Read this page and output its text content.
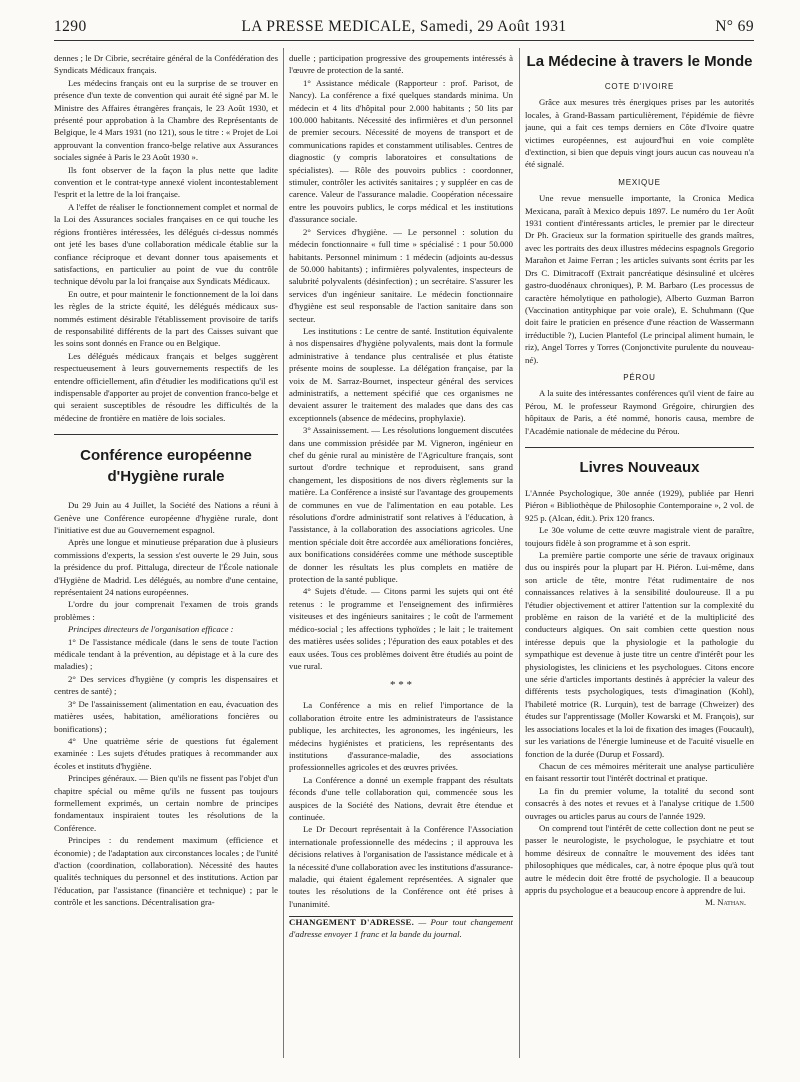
1290	LA PRESSE MEDICALE, Samedi, 29 Août 1931	N° 69

dennes ; le Dr Cibrie, secrétaire général de la Confédération des Syndicats Médicaux français.

Les médecins français ont eu la surprise de se trouver en présence d'un texte de convention qui aurait été signé par M. le Ministre des Affaires étrangères français, le 23 Août 1930, et présenté pour approbation à la Chambre des Représentants de Belgique, le 4 Mars 1931 (no 121), sous le titre : « Projet de Loi approuvant la convention franco-belge relative aux Assurances sociales signée à Paris le 23 Août 1930 ».

Ils font observer de la façon la plus nette que ladite convention et le contrat-type annexé violent incontestablement l'esprit et la lettre de la loi française.

A l'effet de réaliser le fonctionnement complet et normal de la Loi des Assurances sociales françaises en ce qui touche les régions frontières intéressées, les délégués ci-dessus nommés ont jeté les bases d'une collaboration médicale établie sur la confiance réciproque et devant donner tous apaisements et satisfactions, en particulier au point de vue du contrôle technique dévolu par la loi française aux Syndicats Médicaux.

En outre, et pour maintenir le fonctionnement de la loi dans les règles de la stricte équité, les délégués médicaux sus-nommés estiment désirable l'établissement provisoire de tarifs de responsabilité différents de la part des Caisses suivant que les soins sont donnés en France ou en Belgique.

Les délégués médicaux français et belges suggèrent respectueusement à leurs gouvernements respectifs de les entendre officiellement, afin d'étudier les modifications qu'il est indispensable d'apporter au projet de convention franco-belge et qui seraient susceptibles de résoudre les difficultés de la médecine de frontière en matière de lois sociales.

Conférence européenne d'Hygiène rurale

Du 29 Juin au 4 Juillet, la Société des Nations a réuni à Genève une Conférence européenne d'hygiène rurale, dont l'initiative est due au Gouvernement espagnol.

Après une longue et minutieuse préparation due à plusieurs commissions d'experts, la session s'est ouverte le 29 Juin, sous la présidence du prof. Pittaluga, directeur de l'École nationale d'Hygiène de Madrid. Les délégués, au nombre d'une centaine, représentaient 24 nations européennes.

L'ordre du jour comprenait l'examen de trois grands problèmes :

Principes directeurs de l'organisation efficace :

1° De l'assistance médicale (dans le sens de toute l'action médicale tendant à la prévention, au dépistage et à la cure des maladies) ;

2° Des services d'hygiène (y compris les dispensaires et centres de santé) ;

3° De l'assainissement (alimentation en eau, évacuation des matières usées, habitation, améliorations foncières ou bonifications) ;

4° Une quatrième série de questions fut également examinée : Les sujets d'études pratiques à recommander aux écoles et instituts d'hygiène.

Principes généraux. — Bien qu'ils ne fissent pas l'objet d'un chapitre spécial ou même qu'ils ne fussent pas toujours formellement exprimés, un certain nombre de principes fondamentaux inspiraient toutes les résolutions de la Conférence.

Principes : du rendement maximum (efficience et économie) ; de l'adaptation aux circonstances locales ; de l'unité d'action (coordination, collaboration). Nécessité des hautes qualités techniques du personnel et des institutions. Action par l'éducation, par l'assistance (financière et technique) ; par le contrôle et les sanctions. Décentralisation gra-

duelle ; participation progressive des groupements intéressés à l'œuvre de protection de la santé.

1° Assistance médicale (Rapporteur : prof. Parisot, de Nancy). La conférence a fixé quelques standards minima. Un médecin et 4 lits d'hôpital pour 2.000 habitants ; 50 lits par 100.000 habitants. Nécessité des infirmières et d'un personnel de premier secours. Nécessité de moyens de transport et de communications rapides et constamment utilisables. Centres de diagnostic (y compris laboratoires et consultations de spécialistes). — Rôle des pouvoirs publics : coordonner, stimuler, contrôler les activités sanitaires ; y suppléer en cas de carence. Valeur de l'assurance maladie. Coopération nécessaire entre les pouvoirs publics, le corps médical et les institutions d'assurance sociale.

2° Services d'hygiène. — Le personnel : solution du médecin fonctionnaire « full time » spécialisé : 1 pour 50.000 habitants. Personnel minimum : 1 médecin (adjoints au-dessus de 50.000 habitants) ; infirmières polyvalentes, inspecteurs de salubrité polyvalents (désinfection) ; un secrétaire. S'assurer les services d'un ingénieur sanitaire. Le médecin fonctionnaire d'hygiène est seul responsable de l'action sanitaire dans son secteur.

Les institutions : Le centre de santé. Institution équivalente à nos dispensaires d'hygiène polyvalents, mais dont la formule administrative à tendance plus centralisée et plus étatiste présente moins de souplesse. La délégation française, par la voix de M. Sarraz-Bournet, inspecteur général des services administratifs, a nettement spécifié que ces organismes ne devaient assurer le traitement des malades que dans des cas exceptionnels (absence de médecins, prophylaxie).

3° Assainissement. — Les résolutions longuement discutées dans une commission présidée par M. Vigneron, ingénieur en chef du génie rural au ministère de l'Agriculture français, sont surtout d'ordre technique et reproduisent, sans grand changement, les dispositions de nos divers règlements sur la matière. La Conférence a insisté sur l'avantage des groupements de communes en vue de l'alimentation en eau potable. Les résolutions d'ordre administratif sont relatives à l'éducation, à l'assistance, à la collaboration des associations agricoles. Une mention spéciale doit être accordée aux améliorations foncières, aux bonifications considérées comme une méthode susceptible de donner les résultats les plus complets en matière de protection de la santé publique.

4° Sujets d'étude. — Citons parmi les sujets qui ont été retenus : le programme et l'enseignement des infirmières visiteuses et des ingénieurs sanitaires ; le coût de l'armement médico-social ; les affections typhoïdes ; le lait ; le traitement des matières usées solides ; l'épuration des eaux potables et des eaux usées. Tous ces problèmes doivent être étudiés au point de vue rural.

* * *

La Conférence a mis en relief l'importance de la collaboration étroite entre les administrateurs de l'assistance publique, les architectes, les agronomes, les ingénieurs, les médecins hygiénistes et praticiens, les représentants des institutions d'assurance-maladie, des associations professionnelles agricoles et des œuvres privées.

La Conférence a donné un exemple frappant des résultats féconds d'une telle collaboration qui, commencée sous les auspices de la Société des Nations, devrait être étendue et continuée.

Le Dr Decourt représentait à la Conférence l'Association internationale professionnelle des médecins ; il approuva les décisions relatives à l'organisation de l'assistance médicale et à la nécessité d'une collaboration avec les institutions d'assurance-maladie, qui étaient également représentées. A signaler que toutes les résolutions de la Conférence ont été prises à l'unanimité.

CHANGEMENT D'ADRESSE. — Pour tout changement d'adresse envoyer 1 franc et la bande du journal.
La Médecine à travers le Monde
COTE D'IVOIRE

Grâce aux mesures très énergiques prises par les autorités locales, à Grand-Bassam particulièrement, l'épidémie de fièvre jaune, qui a fait ces temps derniers en Côte d'Ivoire quatre victimes européennes, est aujourd'hui en voie complète d'extinction, si bien que depuis vingt jours aucun cas nouveau n'a été signalé.

MEXIQUE

Une revue mensuelle importante, la Cronica Medica Mexicana, paraît à Mexico depuis 1897. Le numéro du 1er Août 1931 contient d'intéressants articles, le premier par le directeur Dr Ph. Gracieux sur la formation spirituelle des grands maîtres, avec les portraits des deux illustres médecins espagnols Gregorio Marañon et Jaime Ferran ; les articles suivants sont écrits par les Drs C. Dimitracoff (Extrait pancréatique désinsuliné et ulcères gastro-duodénaux chroniques), P. M. Barbaro (Les processus de caractère hémolytique en pathologie), Alberto Guzman Barron (Vaccination antityphique par voie orale), E. Schuhmann (Que doit faire le praticien en présence d'une réaction de Wassermann irréductible ?), Lucien Plantefol (Le principal aliment humain, le riz), Angel Torres y Torres (Conjonctivite purulente du nouveau-né).

PÉROU

A la suite des intéressantes conférences qu'il vient de faire au Pérou, M. le professeur Raymond Grégoire, chirurgien des hôpitaux de Paris, a été nommé, honoris causa, membre de l'Académie nationale de médecine du Pérou.

Livres Nouveaux

L'Année Psychologique, 30e année (1929), publiée par Henri Piéron « Bibliothèque de Philosophie Contemporaine », 2 vol. de 925 p. (Alcan, édit.). Prix 120 francs.

Le 30e volume de cette œuvre magistrale vient de paraître, toujours fidèle à son programme et à son esprit.

La première partie comporte une série de travaux originaux dus ou inspirés pour la plupart par H. Piéron. Lui-même, dans son article de tête, montre l'état rudimentaire de nos connaissances relatives à la sensibilité douloureuse. Il a pu l'étudier objectivement et attirer l'attention sur la complexité du problème en raison de la variété et de la multiplicité des conducteurs algiques. On sait combien cette question nous intéresse depuis que la physiologie et la pathologie du sympathique est devenue à juste titre un centre d'intérêt pour les physiologistes, les cliniciens et les psychologues. Citons encore une série d'articles importants destinés à apprécier la valeur des différents tests psychologiques, tests d'imagination (Kohl), l'habileté motrice (R. Lurquin), test de barrage (Chweizer) des études sur l'apprentissage (Moller Kowarski et M. François), sur les associations locales et la loi de fixation des images (Foucault), sur les variations de l'énergie lumineuse et de l'acuité visuelle en fonction de la durée (Durup et Fossard).

Chacun de ces mémoires mériterait une analyse particulière en faisant ressortir tout l'intérêt doctrinal et pratique.

La fin du premier volume, la totalité du second sont consacrés à des notes et revues et à l'analyse critique de 1.500 ouvrages ou articles parus au cours de l'année 1929.

On comprend tout l'intérêt de cette collection dont ne peut se passer le neurologiste, le psychologue, le psychiatre et tout homme désireux de connaître le mouvement des idées tant philosophiques que médicales, car, à notre époque plus qu'à tout autre le médecin doit être frotté de psychologie. Il a beaucoup appris du psychologue et a beaucoup encore à apprendre de lui.

M. Nathan.
